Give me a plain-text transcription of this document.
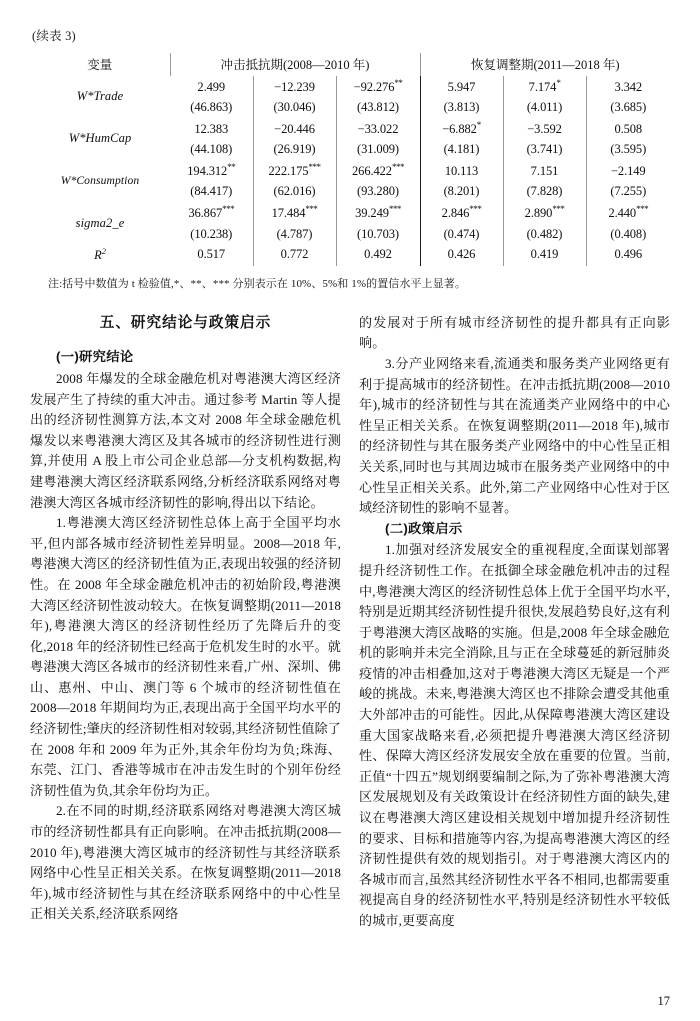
(续表 3)
变量	冲击抵抗期(2008—2010 年)			恢复调整期(2011—2018 年)		
W*Trade	2.499	−12.239	−92.276**	5.947	7.174*	3.342
	(46.863)	(30.046)	(43.812)	(3.813)	(4.011)	(3.685)
W*HumCap	12.383	−20.446	−33.022	−6.882*	−3.592	0.508
	(44.108)	(26.919)	(31.009)	(4.181)	(3.741)	(3.595)
W*Consumption	194.312**	222.175***	266.422***	10.113	7.151	−2.149
	(84.417)	(62.016)	(93.280)	(8.201)	(7.828)	(7.255)
sigma2_e	36.867***	17.484***	39.249***	2.846***	2.890***	2.440***
	(10.238)	(4.787)	(10.703)	(0.474)	(0.482)	(0.408)
$R^2$	0.517	0.772	0.492	0.426	0.419	0.496
注:括号中数值为 t 检验值,*、**、*** 分别表示在 10%、5%和 1%的置信水平上显著。
五、研究结论与政策启示
(一)研究结论

2008 年爆发的全球金融危机对粤港澳大湾区经济发展产生了持续的重大冲击。通过参考 Martin 等人提出的经济韧性测算方法,本文对 2008 年全球金融危机爆发以来粤港澳大湾区及其各城市的经济韧性进行测算,并使用 A 股上市公司企业总部—分支机构数据,构建粤港澳大湾区经济联系网络,分析经济联系网络对粤港澳大湾区各城市经济韧性的影响,得出以下结论。

1.粤港澳大湾区经济韧性总体上高于全国平均水平,但内部各城市经济韧性差异明显。2008—2018 年,粤港澳大湾区的经济韧性值为正,表现出较强的经济韧性。在 2008 年全球金融危机冲击的初始阶段,粤港澳大湾区经济韧性波动较大。在恢复调整期(2011—2018 年),粤港澳大湾区的经济韧性经历了先降后升的变化,2018 年的经济韧性已经高于危机发生时的水平。就粤港澳大湾区各城市的经济韧性来看,广州、深圳、佛山、惠州、中山、澳门等 6 个城市的经济韧性值在 2008—2018 年期间均为正,表现出高于全国平均水平的经济韧性;肇庆的经济韧性相对较弱,其经济韧性值除了在 2008 年和 2009 年为正外,其余年份均为负;珠海、东莞、江门、香港等城市在冲击发生时的个别年份经济韧性值为负,其余年份均为正。

2.在不同的时期,经济联系网络对粤港澳大湾区城市的经济韧性都具有正向影响。在冲击抵抗期(2008—2010 年),粤港澳大湾区城市的经济韧性与其经济联系网络中心性呈正相关关系。在恢复调整期(2011—2018 年),城市经济韧性与其在经济联系网络中的中心性呈正相关关系,经济联系网络

的发展对于所有城市经济韧性的提升都具有正向影响。

3.分产业网络来看,流通类和服务类产业网络更有利于提高城市的经济韧性。在冲击抵抗期(2008—2010 年),城市的经济韧性与其在流通类产业网络中的中心性呈正相关关系。在恢复调整期(2011—2018 年),城市的经济韧性与其在服务类产业网络中的中心性呈正相关关系,同时也与其周边城市在服务类产业网络中的中心性呈正相关关系。此外,第二产业网络中心性对于区域经济韧性的影响不显著。

(二)政策启示

1.加强对经济发展安全的重视程度,全面谋划部署提升经济韧性工作。在抵御全球金融危机冲击的过程中,粤港澳大湾区的经济韧性总体上优于全国平均水平,特别是近期其经济韧性提升很快,发展趋势良好,这有利于粤港澳大湾区战略的实施。但是,2008 年全球金融危机的影响并未完全消除,且与正在全球蔓延的新冠肺炎疫情的冲击相叠加,这对于粤港澳大湾区无疑是一个严峻的挑战。未来,粤港澳大湾区也不排除会遭受其他重大外部冲击的可能性。因此,从保障粤港澳大湾区建设重大国家战略来看,必须把提升粤港澳大湾区经济韧性、保障大湾区经济发展安全放在重要的位置。当前,正值“十四五”规划纲要编制之际,为了弥补粤港澳大湾区发展规划及有关政策设计在经济韧性方面的缺失,建议在粤港澳大湾区建设相关规划中增加提升经济韧性的要求、目标和措施等内容,为提高粤港澳大湾区的经济韧性提供有效的规划指引。对于粤港澳大湾区内的各城市而言,虽然其经济韧性水平各不相同,也都需要重视提高自身的经济韧性水平,特别是经济韧性水平较低的城市,更要高度

17
